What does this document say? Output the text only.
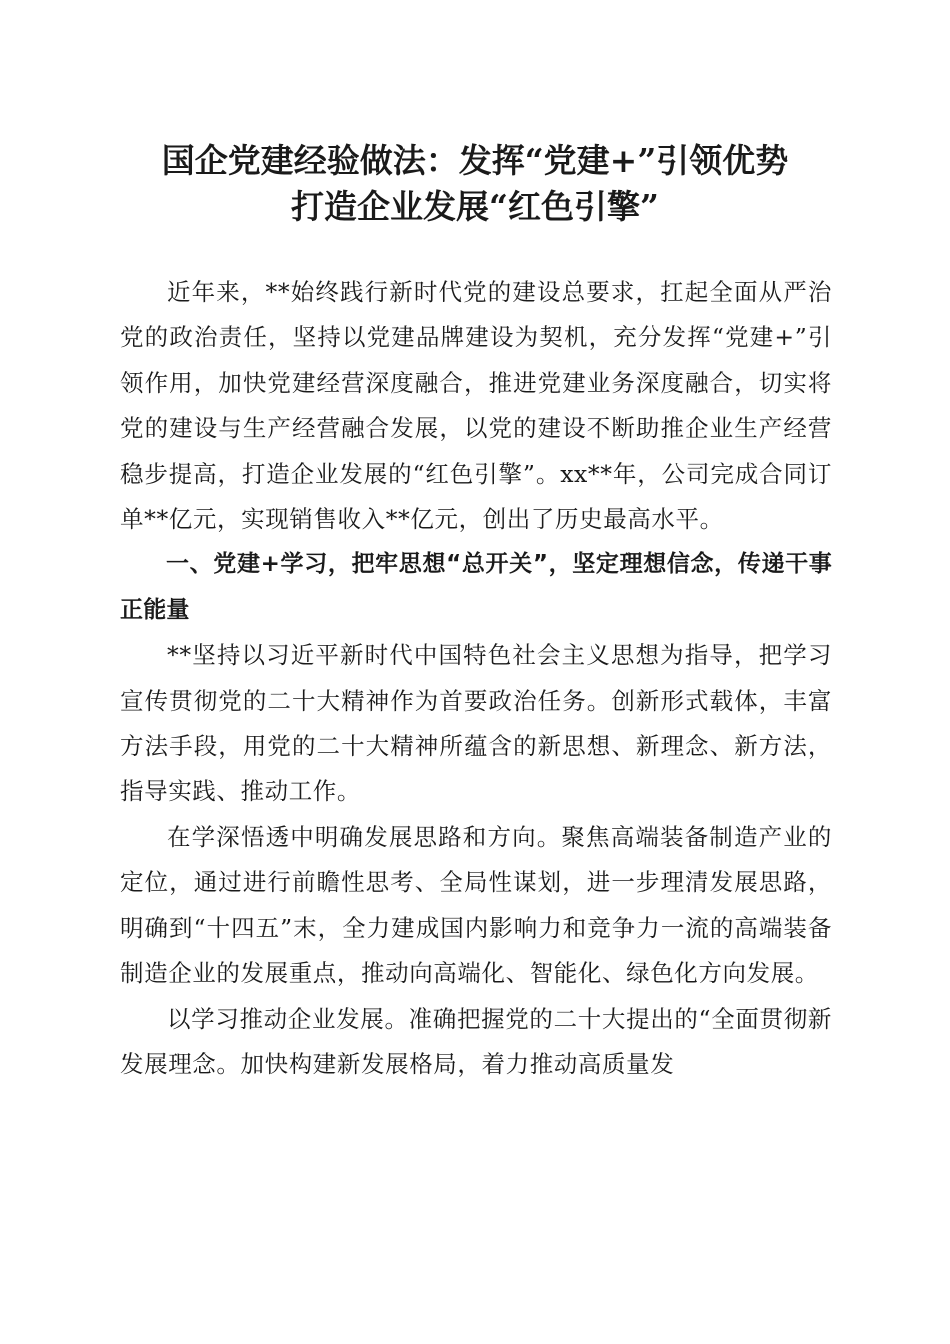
国企党建经验做法：发挥“党建+”引领优势
打造企业发展“红色引擎”

近年来，**始终践行新时代党的建设总要求，扛起全面从严治党的政治责任，坚持以党建品牌建设为契机，充分发挥“党建+”引领作用，加快党建经营深度融合，推进党建业务深度融合，切实将党的建设与生产经营融合发展，以党的建设不断助推企业生产经营稳步提高，打造企业发展的“红色引擎”。xx**年，公司完成合同订单**亿元，实现销售收入**亿元，创出了历史最高水平。

一、党建+学习，把牢思想“总开关”，坚定理想信念，传递干事正能量

**坚持以习近平新时代中国特色社会主义思想为指导，把学习宣传贯彻党的二十大精神作为首要政治任务。创新形式载体，丰富方法手段，用党的二十大精神所蕴含的新思想、新理念、新方法，指导实践、推动工作。

在学深悟透中明确发展思路和方向。聚焦高端装备制造产业的定位，通过进行前瞻性思考、全局性谋划，进一步理清发展思路，明确到“十四五”末，全力建成国内影响力和竞争力一流的高端装备制造企业的发展重点，推动向高端化、智能化、绿色化方向发展。

以学习推动企业发展。准确把握党的二十大提出的“全面贯彻新发展理念。加快构建新发展格局，着力推动高质量发
